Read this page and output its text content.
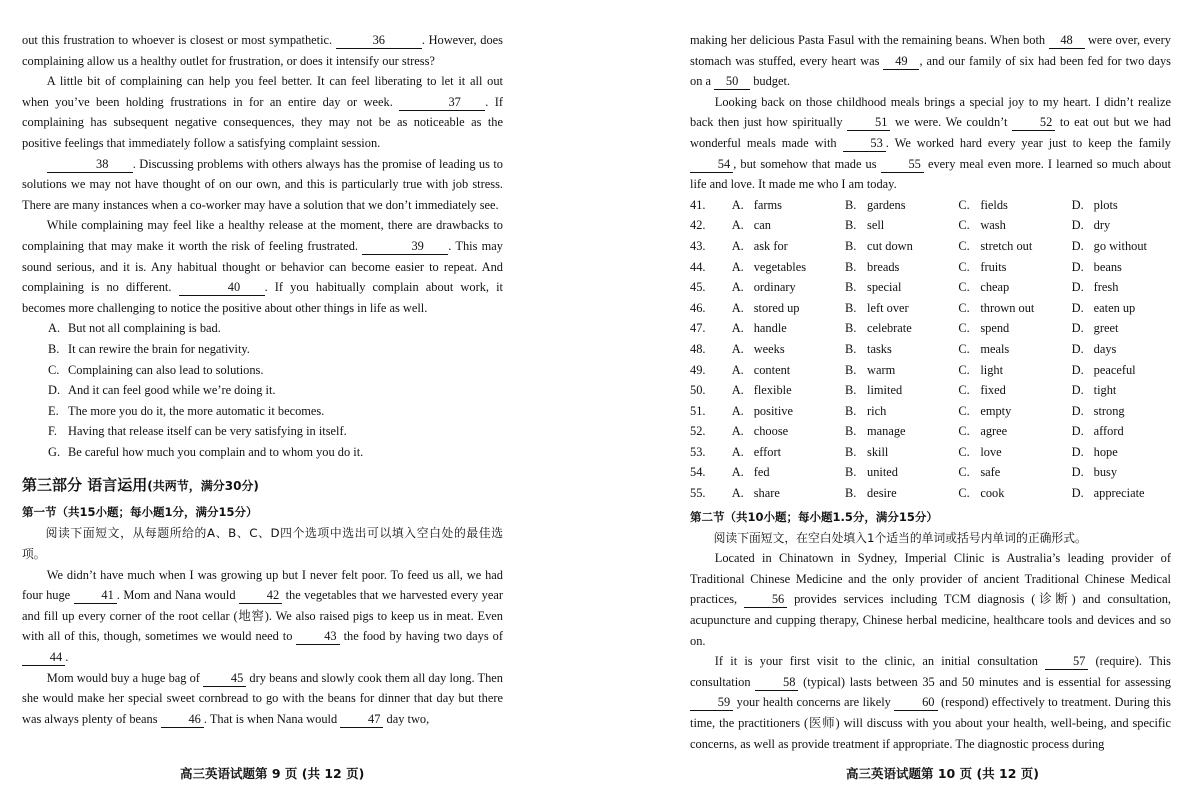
out this frustration to whoever is closest or most sympathetic.	36	. However, does complaining allow us a healthy outlet for frustration, or does it intensify our stress?

A little bit of complaining can help you feel better. It can feel liberating to let it all out when you’ve been holding frustrations in for an entire day or week.	37 . If complaining has subsequent negative consequences, they may not be as noticeable as the positive feelings that immediately follow a satisfying complaint session.

38 . Discussing problems with others always has the promise of leading us to solutions we may not have thought of on our own, and this is particularly true with job stress. There are many instances when a co-worker may have a solution that we don’t immediately see.

While complaining may feel like a healthy release at the moment, there are drawbacks to complaining that may make it worth the risk of feeling frustrated.	39 . This may sound serious, and it is. Any habitual thought or behavior can become easier to repeat. And complaining is no different.	40 . If you habitually complain about work, it becomes more challenging to notice the positive about other things in life as well.

A. But not all complaining is bad.
B. It can rewire the brain for negativity.
C. Complaining can also lead to solutions.
D. And it can feel good while we’re doing it.
E. The more you do it, the more automatic it becomes.
F. Having that release itself can be very satisfying in itself.
G. Be careful how much you complain and to whom you do it.
第三部分 语言运用(共两节，满分30分)
第一节（共15小题；每小题1分，满分15分）

阅读下面短文，从每题所给的A、B、C、D四个选项中选出可以填入空白处的最佳选项。

We didn’t have much when I was growing up but I never felt poor. To feed us all, we had four huge 41 . Mom and Nana would 42 the vegetables that we harvested every year and fill up every corner of the root cellar (地窖). We also raised pigs to keep us in meat. Even with all of this, though, sometimes we would need to 43 the food by having two days of 44 .

Mom would buy a huge bag of 45 dry beans and slowly cook them all day long. Then she would make her special sweet cornbread to go with the beans for dinner that day but there was always plenty of beans 46 . That is when Nana would 47 day two,

高三英语试题第 9 页 (共 12 页)

making her delicious Pasta Fasul with the remaining beans. When both 48 were over, every stomach was stuffed, every heart was 49 , and our family of six had been fed for two days on a 50 budget.

Looking back on those childhood meals brings a special joy to my heart. I didn’t realize back then just how spiritually 51 we were. We couldn’t 52 to eat out but we had wonderful meals made with 53 . We worked hard every year just to keep the family 54 , but somehow that made us 55 every meal even more. I learned so much about life and love. It made me who I am today.

41.	A. farms	B. gardens	C. fields	D. plots
42.	A. can	B. sell	C. wash	D. dry
43.	A. ask for	B. cut down	C. stretch out	D. go without
44.	A. vegetables	B. breads	C. fruits	D. beans
45.	A. ordinary	B. special	C. cheap	D. fresh
46.	A. stored up	B. left over	C. thrown out	D. eaten up
47.	A. handle	B. celebrate	C. spend	D. greet
48.	A. weeks	B. tasks	C. meals	D. days
49.	A. content	B. warm	C. light	D. peaceful
50.	A. flexible	B. limited	C. fixed	D. tight
51.	A. positive	B. rich	C. empty	D. strong
52.	A. choose	B. manage	C. agree	D. afford
53.	A. effort	B. skill	C. love	D. hope
54.	A. fed	B. united	C. safe	D. busy
55.	A. share	B. desire	C. cook	D. appreciate
第二节（共10小题；每小题1.5分，满分15分）

阅读下面短文，在空白处填入1个适当的单词或括号内单词的正确形式。

Located in Chinatown in Sydney, Imperial Clinic is Australia’s leading provider of Traditional Chinese Medicine and the only provider of ancient Traditional Chinese Medical practices, 56 provides services including TCM diagnosis (诊断) and consultation, acupuncture and cupping therapy, Chinese herbal medicine, healthcare tools and devices and so on.

If it is your first visit to the clinic, an initial consultation 57 (require). This consultation 58 (typical) lasts between 35 and 50 minutes and is essential for assessing 59 your health concerns are likely 60 (respond) effectively to treatment. During this time, the practitioners (医师) will discuss with you about your health, well-being, and specific concerns, as well as provide treatment if appropriate. The diagnostic process during

高三英语试题第 10 页 (共 12 页)
